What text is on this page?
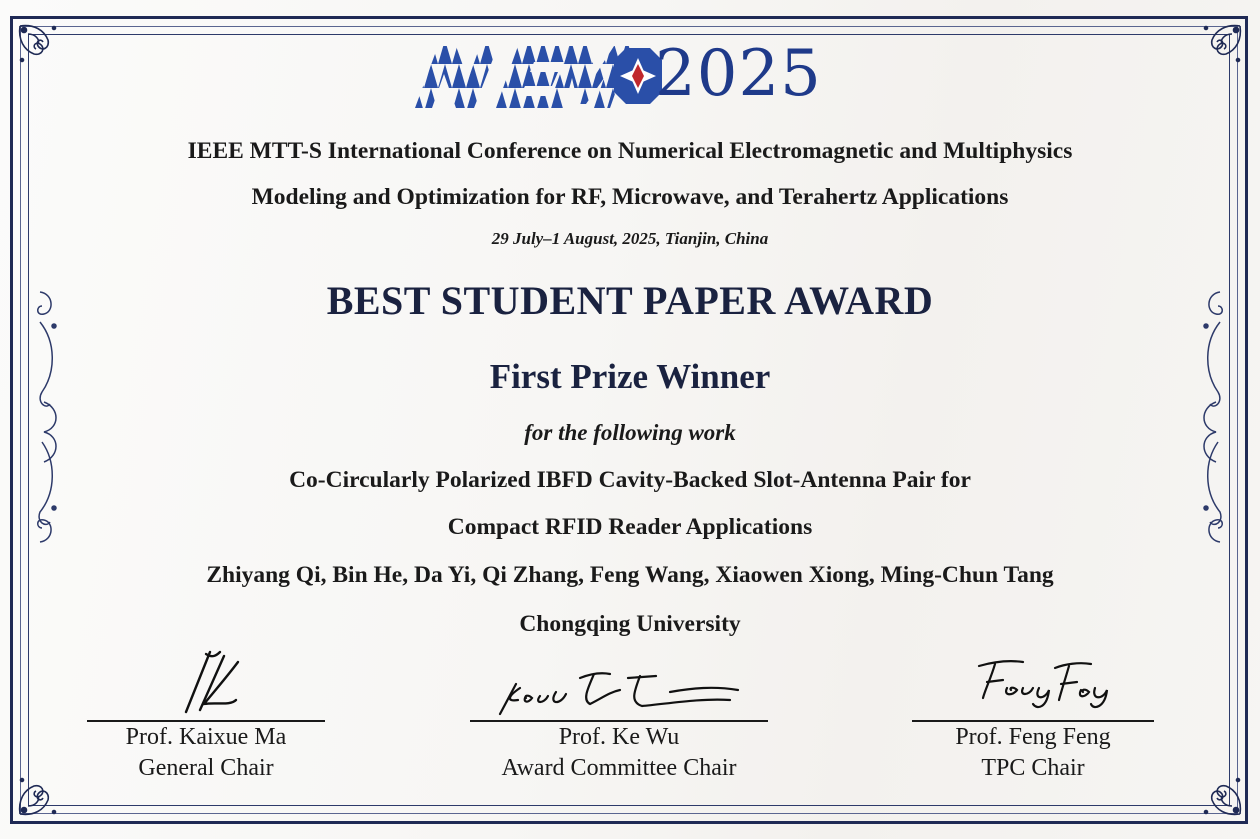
2025
IEEE MTT-S International Conference on Numerical Electromagnetic and Multiphysics
Modeling and Optimization for RF, Microwave, and Terahertz Applications
29 July–1 August, 2025, Tianjin, China
BEST STUDENT PAPER AWARD
First Prize Winner
for the following work
Co-Circularly Polarized IBFD Cavity-Backed Slot-Antenna Pair for
Compact RFID Reader Applications
Zhiyang Qi, Bin He, Da Yi, Qi Zhang, Feng Wang, Xiaowen Xiong, Ming-Chun Tang
Chongqing University
Prof. Kaixue Ma
General Chair
Prof. Ke Wu
Award Committee Chair
Prof. Feng Feng
TPC Chair
